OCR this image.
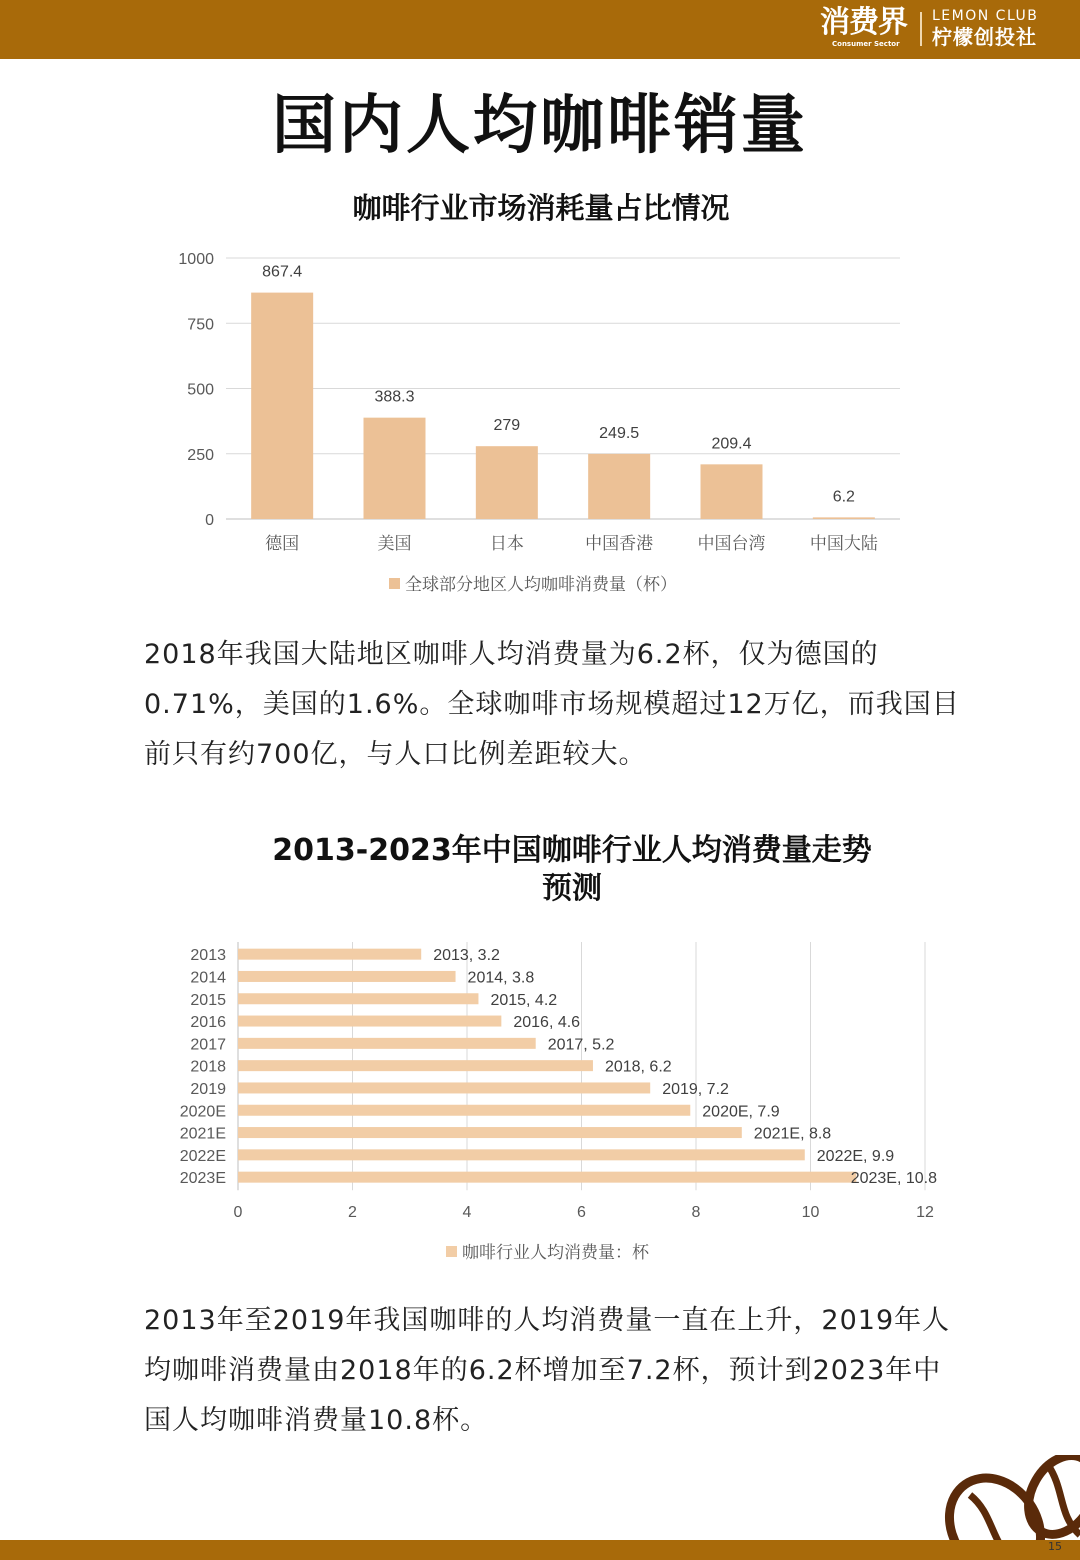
消费界
Consumer Sector
LEMON CLUB
柠檬创投社
国内人均咖啡销量
咖啡行业市场消耗量占比情况
0
250
500
750
1000
867.4
德国
388.3
美国
279
日本
249.5
中国香港
209.4
中国台湾
6.2
中国大陆
全球部分地区人均咖啡消费量（杯）
2018年我国大陆地区咖啡人均消费量为6.2杯，仅为德国的0.71%，美国的1.6%。全球咖啡市场规模超过12万亿，而我国目前只有约700亿，与人口比例差距较大。
2013-2023年中国咖啡行业人均消费量走势
预测
0	2	4	6	8	10	12
2013	2013, 3.2
2014	2014, 3.8
2015	2015, 4.2
2016	2016, 4.6
2017	2017, 5.2
2018	2018, 6.2
2019	2019, 7.2
2020E	2020E, 7.9
2021E	2021E, 8.8
2022E	2022E, 9.9
2023E	2023E, 10.8
咖啡行业人均消费量：杯
2013年至2019年我国咖啡的人均消费量一直在上升，2019年人均咖啡消费量由2018年的6.2杯增加至7.2杯，预计到2023年中国人均咖啡消费量10.8杯。
15
